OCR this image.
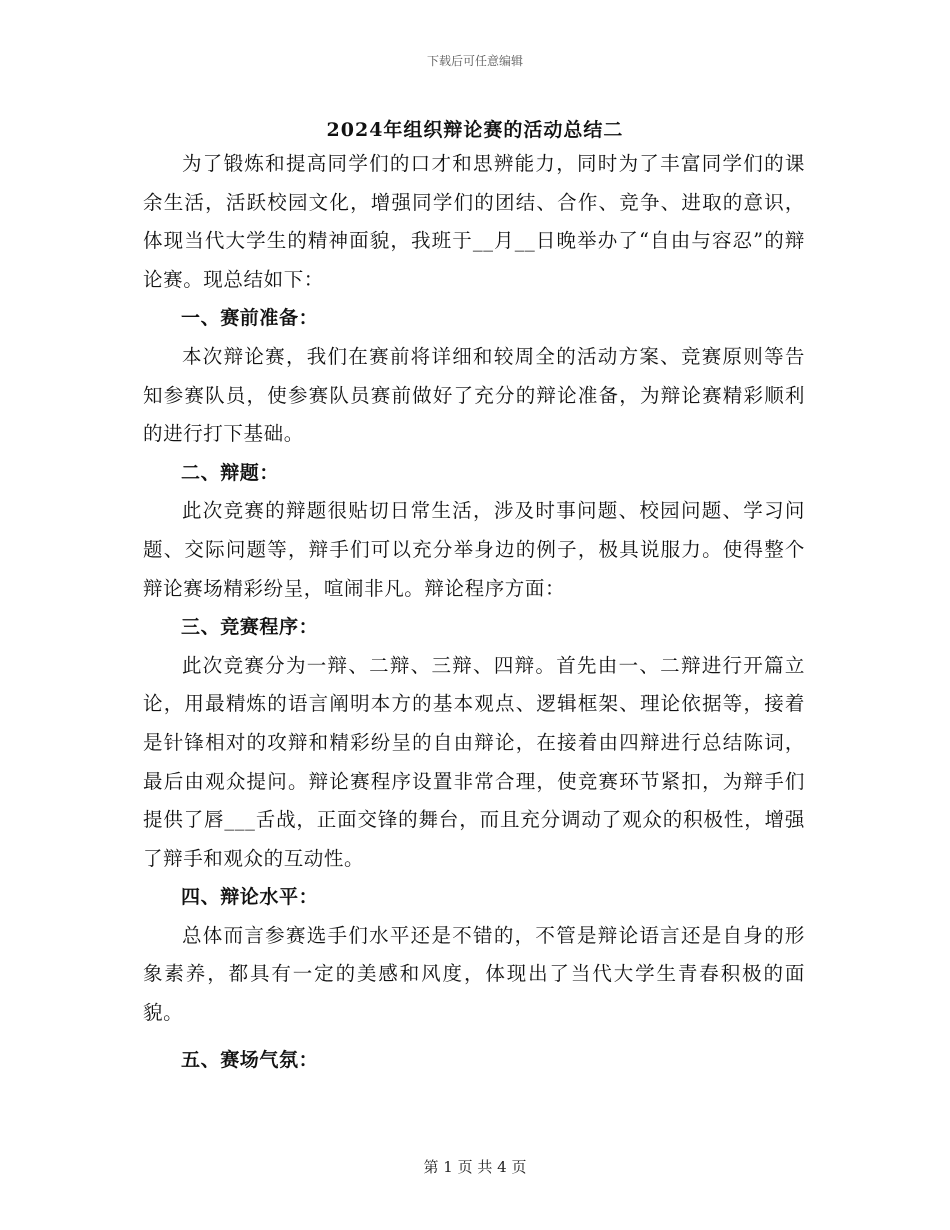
下载后可任意编辑
2024年组织辩论赛的活动总结二

为了锻炼和提高同学们的口才和思辨能力，同时为了丰富同学们的课余生活，活跃校园文化，增强同学们的团结、合作、竞争、进取的意识，体现当代大学生的精神面貌，我班于__月__日晚举办了“自由与容忍”的辩论赛。现总结如下：

一、赛前准备：

本次辩论赛，我们在赛前将详细和较周全的活动方案、竞赛原则等告知参赛队员，使参赛队员赛前做好了充分的辩论准备，为辩论赛精彩顺利的进行打下基础。

二、辩题：

此次竞赛的辩题很贴切日常生活，涉及时事问题、校园问题、学习问题、交际问题等，辩手们可以充分举身边的例子，极具说服力。使得整个辩论赛场精彩纷呈，喧闹非凡。辩论程序方面：

三、竞赛程序：

此次竞赛分为一辩、二辩、三辩、四辩。首先由一、二辩进行开篇立论，用最精炼的语言阐明本方的基本观点、逻辑框架、理论依据等，接着是针锋相对的攻辩和精彩纷呈的自由辩论，在接着由四辩进行总结陈词，最后由观众提问。辩论赛程序设置非常合理，使竞赛环节紧扣，为辩手们提供了唇___舌战，正面交锋的舞台，而且充分调动了观众的积极性，增强了辩手和观众的互动性。

四、辩论水平：

总体而言参赛选手们水平还是不错的，不管是辩论语言还是自身的形象素养，都具有一定的美感和风度，体现出了当代大学生青春积极的面貌。

五、赛场气氛：

第 1 页 共 4 页
